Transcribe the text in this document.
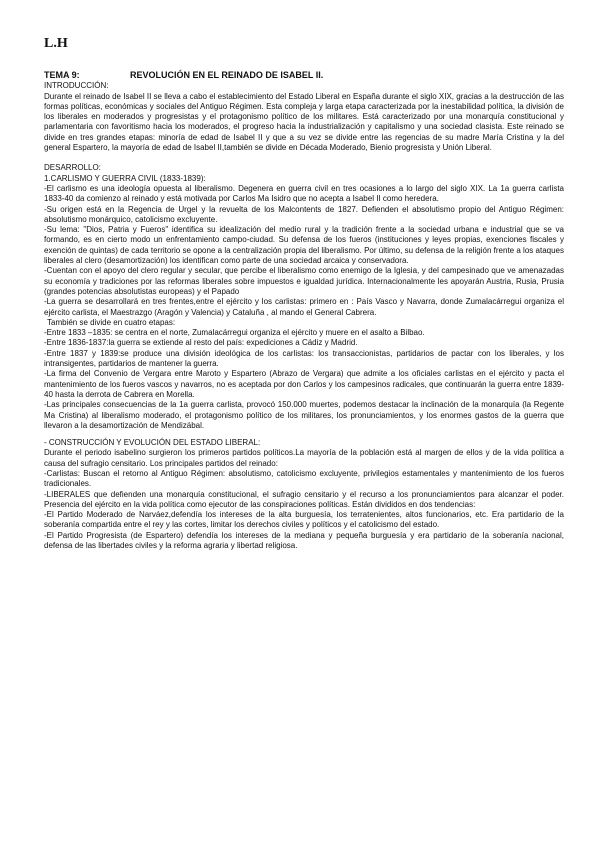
L.H
TEMA 9:	REVOLUCIÓN EN EL REINADO DE ISABEL II.

INTRODUCCIÓN:

Durante el reinado de Isabel II se lleva a cabo el establecimiento del Estado Liberal en España durante el siglo XIX, gracias a la destrucción de las formas políticas, económicas y sociales del Antiguo Régimen. Esta compleja y larga etapa caracterizada por la inestabilidad política, la división de los liberales en moderados y progresistas y el protagonismo político de los militares. Está caracterizado por una monarquía constitucional y parlamentaria con favoritismo hacia los moderados, el progreso hacia la industrialización y capitalismo y una sociedad clasista. Este reinado se divide en tres grandes etapas: minoría de edad de Isabel II y que a su vez se divide entre las regencias de su madre María Cristina y la del general Espartero, la mayoría de edad de Isabel II,también se divide en Década Moderado, Bienio progresista y Unión Liberal.

DESARROLLO:

1.CARLISMO Y GUERRA CIVIL (1833-1839):

-El carlismo es una ideología opuesta al liberalismo. Degenera en guerra civil en tres ocasiones a lo largo del siglo XIX. La 1a guerra carlista 1833-40 da comienzo al reinado y está motivada por Carlos Ma Isidro que no acepta a Isabel II como heredera.

-Su origen está en la Regencia de Urgel y la revuelta de los Malcontents de 1827. Defienden el absolutismo propio del Antiguo Régimen: absolutismo monárquico, catolicismo excluyente.

-Su lema: "Dios, Patria y Fueros" identifica su idealización del medio rural y la tradición frente a la sociedad urbana e industrial que se va formando, es en cierto modo un enfrentamiento campo-ciudad. Su defensa de los fueros (instituciones y leyes propias, exenciones fiscales y exención de quintas) de cada territorio se opone a la centralización propia del liberalismo. Por último, su defensa de la religión frente a los ataques liberales al clero (desamortización) los identifican como parte de una sociedad arcaica y conservadora.

-Cuentan con el apoyo del clero regular y secular, que percibe el liberalismo como enemigo de la Iglesia, y del campesinado que ve amenazadas su economía y tradiciones por las reformas liberales sobre impuestos e igualdad jurídica. Internacionalmente les apoyarán Austria, Rusia, Prusia (grandes potencias absolutistas europeas) y el Papado

-La guerra se desarrollará en tres frentes,entre el ejército y los carlistas: primero en : País Vasco y Navarra, donde Zumalacárregui organiza el ejército carlista, el Maestrazgo (Aragón y Valencia) y Cataluña , al mando el General Cabrera.

También se divide en cuatro etapas:

-Entre 1833 –1835: se centra en el norte, Zumalacárregui organiza el ejército y muere en el asalto a Bilbao.

-Entre 1836-1837:la guerra se extiende al resto del país: expediciones a Cádiz y Madrid.

-Entre 1837 y 1839:se produce una división ideológica de los carlistas: los transaccionistas, partidarios de pactar con los liberales, y los intransigentes, partidarios de mantener la guerra.

-La firma del Convenio de Vergara entre Maroto y Espartero (Abrazo de Vergara) que admite a los oficiales carlistas en el ejército y pacta el mantenimiento de los fueros vascos y navarros, no es aceptada por don Carlos y los campesinos radicales, que continuarán la guerra entre 1839-40 hasta la derrota de Cabrera en Morella.

-Las principales consecuencias de la 1a guerra carlista, provocó 150.000 muertes, podemos destacar la inclinación de la monarquía (la Regente Ma Cristina) al liberalismo moderado, el protagonismo político de los militares, los pronunciamientos, y los enormes gastos de la guerra que llevaron a la desamortización de Mendizábal.

- CONSTRUCCIÓN Y EVOLUCIÓN DEL ESTADO LIBERAL:

Durante el periodo isabelino surgieron los primeros partidos políticos.La mayoría de la población está al margen de ellos y de la vida política a causa del sufragio censitario. Los principales partidos del reinado:

-Carlistas: Buscan el retorno al Antiguo Régimen: absolutismo, catolicismo excluyente, privilegios estamentales y mantenimiento de los fueros tradicionales.

-LIBERALES que defienden una monarquía constitucional, el sufragio censitario y el recurso a los pronunciamientos para alcanzar el poder. Presencia del ejército en la vida política como ejecutor de las conspiraciones políticas. Están divididos en dos tendencias:

-El Partido Moderado de Narváez,defendía los intereses de la alta burguesía, los terratenientes, altos funcionarios, etc. Era partidario de la soberanía compartida entre el rey y las cortes, limitar los derechos civiles y políticos y el catolicismo del estado.

-El Partido Progresista (de Espartero) defendía los intereses de la mediana y pequeña burguesía y era partidario de la soberanía nacional, defensa de las libertades civiles y la reforma agraria y libertad religiosa.
